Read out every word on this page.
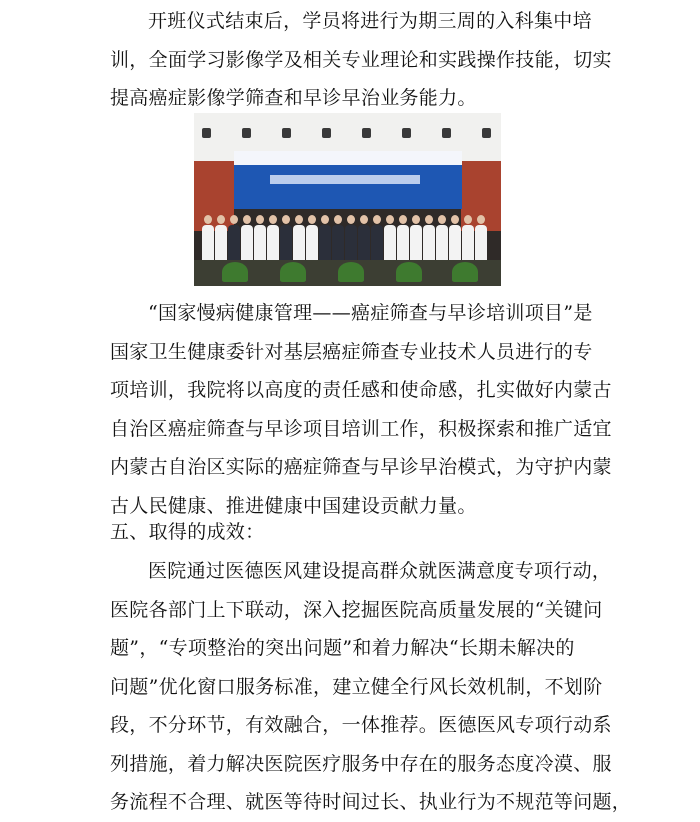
开班仪式结束后，学员将进行为期三周的入科集中培
训，全面学习影像学及相关专业理论和实践操作技能，切实
提高癌症影像学筛查和早诊早治业务能力。

“国家慢病健康管理——癌症筛查与早诊培训项目”是
国家卫生健康委针对基层癌症筛查专业技术人员进行的专
项培训，我院将以高度的责任感和使命感，扎实做好内蒙古
自治区癌症筛查与早诊项目培训工作，积极探索和推广适宜
内蒙古自治区实际的癌症筛查与早诊早治模式，为守护内蒙
古人民健康、推进健康中国建设贡献力量。

五、取得的成效：

医院通过医德医风建设提高群众就医满意度专项行动，
医院各部门上下联动，深入挖掘医院高质量发展的“关键问
题”，“专项整治的突出问题”和着力解决“长期未解决的
问题”优化窗口服务标准，建立健全行风长效机制，不划阶
段，不分环节，有效融合，一体推荐。医德医风专项行动系
列措施，着力解决医院医疗服务中存在的服务态度冷漠、服
务流程不合理、就医等待时间过长、执业行为不规范等问题，
